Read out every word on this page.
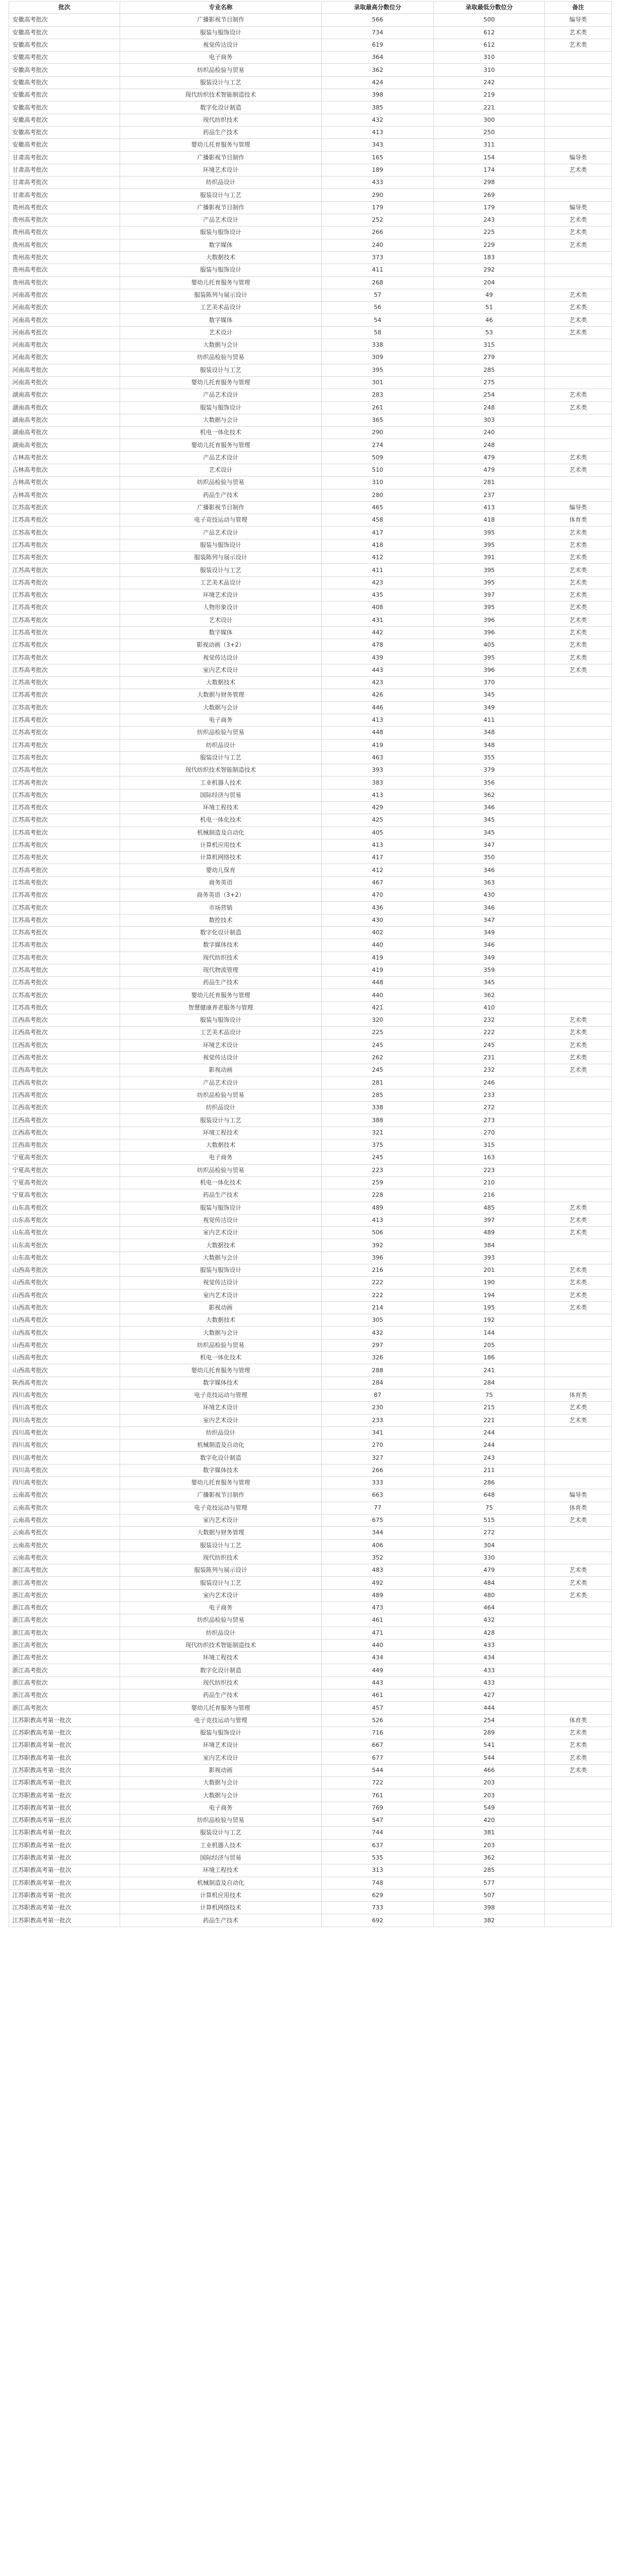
批次	专业名称	录取最高分数位分	录取最低分数位分	备注
安徽高考批次	广播影视节目制作	566	500	编导类
安徽高考批次	服装与服饰设计	734	612	艺术类
安徽高考批次	视觉传达设计	619	612	艺术类
安徽高考批次	电子商务	364	310	
安徽高考批次	纺织品检验与贸易	362	310	
安徽高考批次	服装设计与工艺	424	242	
安徽高考批次	现代纺织技术智能制造技术	398	219	
安徽高考批次	数字化设计制造	385	221	
安徽高考批次	现代纺织技术	432	300	
安徽高考批次	药品生产技术	413	250	
安徽高考批次	婴幼儿托育服务与管理	343	311	
甘肃高考批次	广播影视节目制作	165	154	编导类
甘肃高考批次	环境艺术设计	189	174	艺术类
甘肃高考批次	纺织品设计	433	298	
甘肃高考批次	服装设计与工艺	290	269	
贵州高考批次	广播影视节目制作	179	179	编导类
贵州高考批次	产品艺术设计	252	243	艺术类
贵州高考批次	服装与服饰设计	266	225	艺术类
贵州高考批次	数字媒体	240	229	艺术类
贵州高考批次	大数据技术	373	183	
贵州高考批次	服装与服饰设计	411	292	
贵州高考批次	婴幼儿托育服务与管理	268	204	
河南高考批次	服装陈列与展示设计	57	49	艺术类
河南高考批次	工艺美术品设计	56	51	艺术类
河南高考批次	数字媒体	54	46	艺术类
河南高考批次	艺术设计	58	53	艺术类
河南高考批次	大数据与会计	338	315	
河南高考批次	纺织品检验与贸易	309	279	
河南高考批次	服装设计与工艺	395	285	
河南高考批次	婴幼儿托育服务与管理	301	275	
湖南高考批次	产品艺术设计	283	254	艺术类
湖南高考批次	服装与服饰设计	261	248	艺术类
湖南高考批次	大数据与会计	365	303	
湖南高考批次	机电一体化技术	290	240	
湖南高考批次	婴幼儿托育服务与管理	274	248	
吉林高考批次	产品艺术设计	509	479	艺术类
吉林高考批次	艺术设计	510	479	艺术类
吉林高考批次	纺织品检验与贸易	310	281	
吉林高考批次	药品生产技术	280	237	
江苏高考批次	广播影视节目制作	465	413	编导类
江苏高考批次	电子竞技运动与管理	458	418	体育类
江苏高考批次	产品艺术设计	417	395	艺术类
江苏高考批次	服装与服饰设计	418	395	艺术类
江苏高考批次	服装陈列与展示设计	412	391	艺术类
江苏高考批次	服装设计与工艺	411	395	艺术类
江苏高考批次	工艺美术品设计	423	395	艺术类
江苏高考批次	环境艺术设计	435	397	艺术类
江苏高考批次	人物形象设计	408	395	艺术类
江苏高考批次	艺术设计	431	396	艺术类
江苏高考批次	数字媒体	442	396	艺术类
江苏高考批次	影视动画（3+2）	478	405	艺术类
江苏高考批次	视觉传达设计	439	395	艺术类
江苏高考批次	室内艺术设计	443	396	艺术类
江苏高考批次	大数据技术	423	370	
江苏高考批次	大数据与财务管理	426	345	
江苏高考批次	大数据与会计	446	349	
江苏高考批次	电子商务	413	411	
江苏高考批次	纺织品检验与贸易	448	348	
江苏高考批次	纺织品设计	419	348	
江苏高考批次	服装设计与工艺	463	355	
江苏高考批次	现代纺织技术智能制造技术	393	379	
江苏高考批次	工业机器人技术	383	356	
江苏高考批次	国际经济与贸易	413	362	
江苏高考批次	环境工程技术	429	346	
江苏高考批次	机电一体化技术	425	345	
江苏高考批次	机械制造及自动化	405	345	
江苏高考批次	计算机应用技术	413	347	
江苏高考批次	计算机网络技术	417	350	
江苏高考批次	婴幼儿保育	412	346	
江苏高考批次	商务英语	467	363	
江苏高考批次	商务英语（3+2）	470	430	
江苏高考批次	市场营销	436	346	
江苏高考批次	数控技术	430	347	
江苏高考批次	数字化设计制造	402	349	
江苏高考批次	数字媒体技术	440	346	
江苏高考批次	现代纺织技术	419	349	
江苏高考批次	现代物流管理	419	359	
江苏高考批次	药品生产技术	448	345	
江苏高考批次	婴幼儿托育服务与管理	440	362	
江苏高考批次	智慧健康养老服务与管理	421	410	
江西高考批次	服装与服饰设计	320	232	艺术类
江西高考批次	工艺美术品设计	225	222	艺术类
江西高考批次	环境艺术设计	245	245	艺术类
江西高考批次	视觉传达设计	262	231	艺术类
江西高考批次	影视动画	245	232	艺术类
江西高考批次	产品艺术设计	281	246	
江西高考批次	纺织品检验与贸易	285	233	
江西高考批次	纺织品设计	338	272	
江西高考批次	服装设计与工艺	388	273	
江西高考批次	环境工程技术	321	270	
江西高考批次	大数据技术	375	315	
宁夏高考批次	电子商务	245	163	
宁夏高考批次	纺织品检验与贸易	223	223	
宁夏高考批次	机电一体化技术	259	210	
宁夏高考批次	药品生产技术	228	216	
山东高考批次	服装与服饰设计	489	485	艺术类
山东高考批次	视觉传达设计	413	397	艺术类
山东高考批次	室内艺术设计	506	489	艺术类
山东高考批次	大数据技术	392	384	
山东高考批次	大数据与会计	396	393	
山西高考批次	服装与服饰设计	216	201	艺术类
山西高考批次	视觉传达设计	222	190	艺术类
山西高考批次	室内艺术设计	222	194	艺术类
山西高考批次	影视动画	214	195	艺术类
山西高考批次	大数据技术	305	192	
山西高考批次	大数据与会计	432	144	
山西高考批次	纺织品检验与贸易	297	205	
山西高考批次	机电一体化技术	326	186	
山西高考批次	婴幼儿托育服务与管理	288	241	
陕西高考批次	数字媒体技术	284	284	
四川高考批次	电子竞技运动与管理	87	75	体育类
四川高考批次	环境艺术设计	230	215	艺术类
四川高考批次	室内艺术设计	233	221	艺术类
四川高考批次	纺织品设计	341	244	
四川高考批次	机械制造及自动化	270	244	
四川高考批次	数字化设计制造	327	243	
四川高考批次	数字媒体技术	266	211	
四川高考批次	婴幼儿托育服务与管理	333	286	
云南高考批次	广播影视节目制作	663	648	编导类
云南高考批次	电子竞技运动与管理	77	75	体育类
云南高考批次	室内艺术设计	675	515	艺术类
云南高考批次	大数据与财务管理	344	272	
云南高考批次	服装设计与工艺	406	304	
云南高考批次	现代纺织技术	352	330	
浙江高考批次	服装陈列与展示设计	483	479	艺术类
浙江高考批次	服装设计与工艺	492	484	艺术类
浙江高考批次	室内艺术设计	489	480	艺术类
浙江高考批次	电子商务	473	464	
浙江高考批次	纺织品检验与贸易	461	432	
浙江高考批次	纺织品设计	471	428	
浙江高考批次	现代纺织技术智能制造技术	440	433	
浙江高考批次	环境工程技术	434	434	
浙江高考批次	数字化设计制造	449	433	
浙江高考批次	现代纺织技术	443	433	
浙江高考批次	药品生产技术	461	427	
浙江高考批次	婴幼儿托育服务与管理	457	444	
江苏职教高考第一批次	电子竞技运动与管理	526	254	体育类
江苏职教高考第一批次	服装与服饰设计	716	289	艺术类
江苏职教高考第一批次	环境艺术设计	667	541	艺术类
江苏职教高考第一批次	室内艺术设计	677	544	艺术类
江苏职教高考第一批次	影视动画	544	466	艺术类
江苏职教高考第一批次	大数据与会计	722	203	
江苏职教高考第一批次	大数据与会计	761	203	
江苏职教高考第一批次	电子商务	769	549	
江苏职教高考第一批次	纺织品检验与贸易	547	420	
江苏职教高考第一批次	服装设计与工艺	744	381	
江苏职教高考第一批次	工业机器人技术	637	203	
江苏职教高考第一批次	国际经济与贸易	535	362	
江苏职教高考第一批次	环境工程技术	313	285	
江苏职教高考第一批次	机械制造及自动化	748	577	
江苏职教高考第一批次	计算机应用技术	629	507	
江苏职教高考第一批次	计算机网络技术	733	398	
江苏职教高考第一批次	药品生产技术	692	382	
